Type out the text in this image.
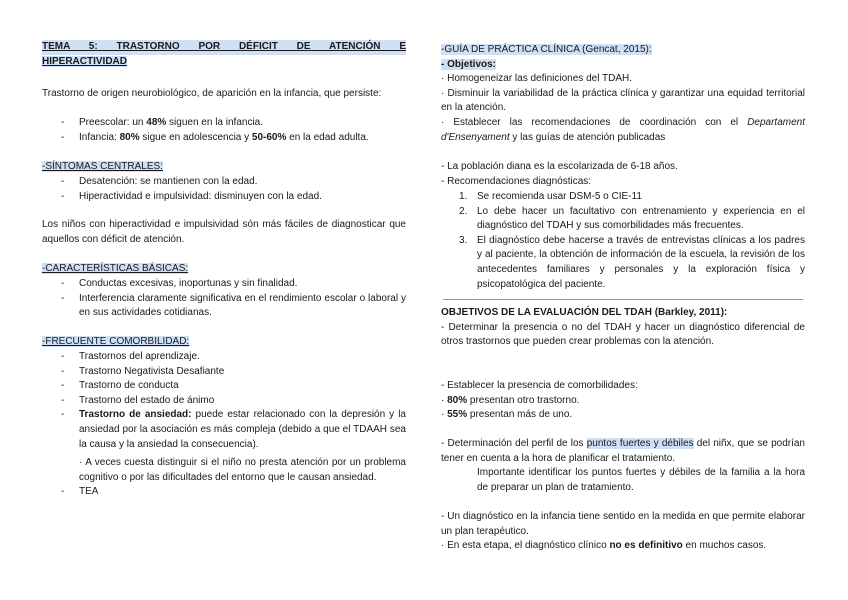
TEMA 5: TRASTORNO POR DÉFICIT DE ATENCIÓN E
HIPERACTIVIDAD
Trastorno de origen neurobiológico, de aparición en la infancia, que persiste:
- Preescolar: un 48% siguen en la infancia.
- Infancia: 80% sigue en adolescencia y 50-60% en la edad adulta.
-SÍNTOMAS CENTRALES:
- Desatención: se mantienen con la edad.
- Hiperactividad e impulsividad: disminuyen con la edad.
Los niños con hiperactividad e impulsividad són más fáciles de diagnosticar que aquellos con déficit de atención.
-CARACTERÍSTICAS BÁSICAS:
- Conductas excesivas, inoportunas y sin finalidad.
- Interferencia claramente significativa en el rendimiento escolar o laboral y en sus actividades cotidianas.
-FRECUENTE COMORBILIDAD:
- Trastornos del aprendizaje.
- Trastorno Negativista Desafiante
- Trastorno de conducta
- Trastorno del estado de ánimo
- Trastorno de ansiedad: puede estar relacionado con la depresión y la ansiedad por la asociación es más compleja (debido a que el TDAAH sea la causa y la ansiedad la consecuencia).
· A veces cuesta distinguir si el niño no presta atención por un problema cognitivo o por las dificultades del entorno que le causan ansiedad.
- TEA
-GUÍA DE PRÁCTICA CLÍNICA (Gencat, 2015):
- Objetivos:
· Homogeneizar las definiciones del TDAH.
· Disminuir la variabilidad de la práctica clínica y garantizar una equidad territorial en la atención.
· Establecer las recomendaciones de coordinación con el Departament d'Ensenyament y las guías de atención publicadas
- La población diana es la escolarizada de 6-18 años.
- Recomendaciones diagnósticas:
1. Se recomienda usar DSM-5 o CIE-11
2. Lo debe hacer un facultativo con entrenamiento y experiencia en el diagnóstico del TDAH y sus comorbilidades más frecuentes.
3. El diagnóstico debe hacerse a través de entrevistas clínicas a los padres y al paciente, la obtención de información de la escuela, la revisión de los antecedentes familiares y personales y la exploración física y psicopatológica del paciente.
OBJETIVOS DE LA EVALUACIÓN DEL TDAH (Barkley, 2011):
- Determinar la presencia o no del TDAH y hacer un diagnóstico diferencial de otros trastornos que pueden crear problemas con la atención.
- Establecer la presencia de comorbilidades:
· 80% presentan otro trastorno.
· 55% presentan más de uno.
- Determinación del perfil de los puntos fuertes y débiles del niñx, que se podrían tener en cuenta a la hora de planificar el tratamiento.
Importante identificar los puntos fuertes y débiles de la familia a la hora de preparar un plan de tratamiento.
- Un diagnóstico en la infancia tiene sentido en la medida en que permite elaborar un plan terapéutico.
· En esta etapa, el diagnóstico clínico no es definitivo en muchos casos.
